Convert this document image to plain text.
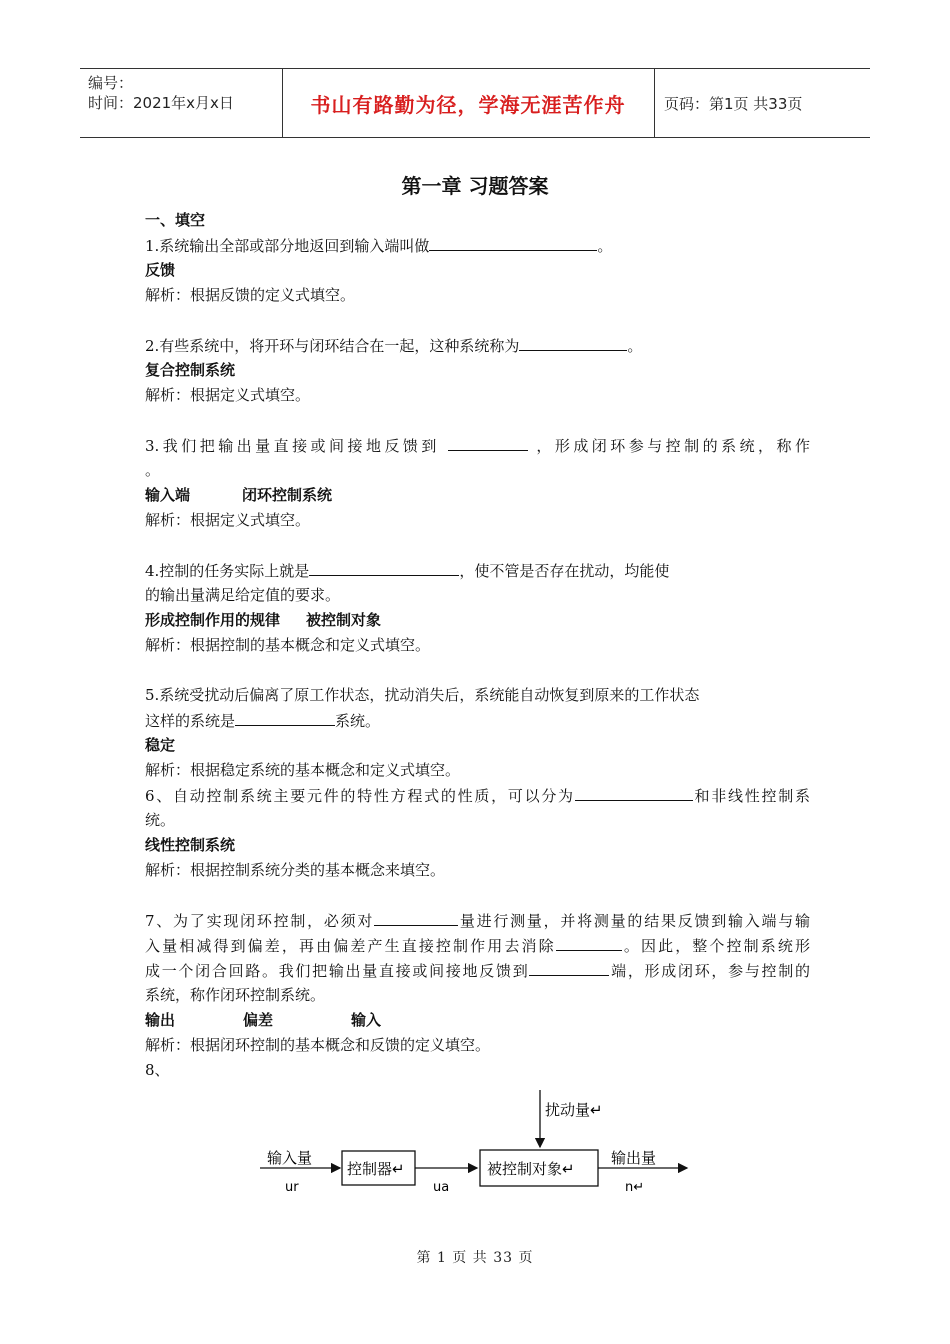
编号：
时间：2021年x月x日	书山有路勤为径，学海无涯苦作舟	页码：第1页 共33页
第一章 习题答案
一、填空
1.系统输出全部或部分地返回到输入端叫做	。
反馈
解析：根据反馈的定义式填空。
2.有些系统中，将开环与闭环结合在一起，这种系统称为	。
复合控制系统
解析：根据定义式填空。
3.我们把输出量直接或间接地反馈到	，形成闭环参与控制的系统，称作
。
输入端	闭环控制系统
解析：根据定义式填空。
4.控制的任务实际上就是	，使不管是否存在扰动，均能使
的输出量满足给定值的要求。
形成控制作用的规律 被控制对象
解析：根据控制的基本概念和定义式填空。
5.系统受扰动后偏离了原工作状态，扰动消失后，系统能自动恢复到原来的工作状态
这样的系统是	系统。
稳定
解析：根据稳定系统的基本概念和定义式填空。
6、自动控制系统主要元件的特性方程式的性质，可以分为	和非线性控制系
统。
线性控制系统
解析：根据控制系统分类的基本概念来填空。
7、为了实现闭环控制，必须对	量进行测量，并将测量的结果反馈到输入端与输
入量相减得到偏差，再由偏差产生直接控制作用去消除	。因此，整个控制系统形
成一个闭合回路。我们把输出量直接或间接地反馈到	端，形成闭环，参与控制的
系统，称作闭环控制系统。
输出	偏差	输入
解析：根据闭环控制的基本概念和反馈的定义填空。
8、
扰动量↵
输入量
ur
控制器↵
ua
被控制对象↵
输出量
n↵
第 1 页 共 33 页
